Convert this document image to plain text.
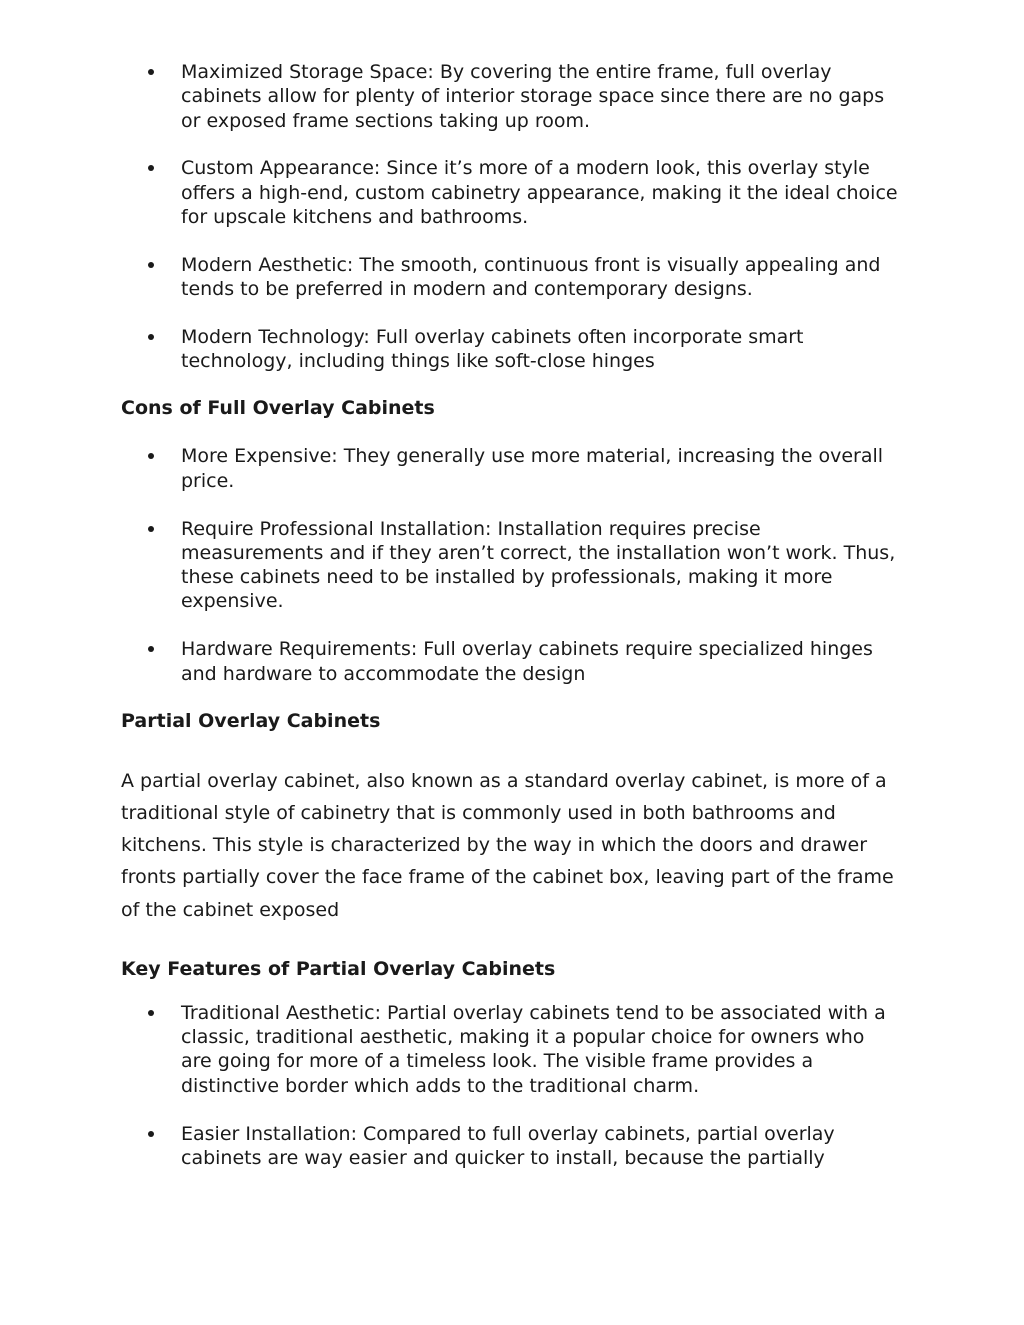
Maximized Storage Space: By covering the entire frame, full overlay cabinets allow for plenty of interior storage space since there are no gaps or exposed frame sections taking up room.
Custom Appearance: Since it’s more of a modern look, this overlay style offers a high-end, custom cabinetry appearance, making it the ideal choice for upscale kitchens and bathrooms.
Modern Aesthetic: The smooth, continuous front is visually appealing and tends to be preferred in modern and contemporary designs.
Modern Technology: Full overlay cabinets often incorporate smart technology, including things like soft-close hinges
Cons of Full Overlay Cabinets
More Expensive: They generally use more material, increasing the overall price.
Require Professional Installation: Installation requires precise measurements and if they aren’t correct, the installation won’t work. Thus, these cabinets need to be installed by professionals, making it more expensive.
Hardware Requirements: Full overlay cabinets require specialized hinges and hardware to accommodate the design
Partial Overlay Cabinets

A partial overlay cabinet, also known as a standard overlay cabinet, is more of a traditional style of cabinetry that is commonly used in both bathrooms and kitchens. This style is characterized by the way in which the doors and drawer fronts partially cover the face frame of the cabinet box, leaving part of the frame of the cabinet exposed

Key Features of Partial Overlay Cabinets
Traditional Aesthetic: Partial overlay cabinets tend to be associated with a classic, traditional aesthetic, making it a popular choice for owners who are going for more of a timeless look. The visible frame provides a distinctive border which adds to the traditional charm.
Easier Installation: Compared to full overlay cabinets, partial overlay cabinets are way easier and quicker to install, because the partially
